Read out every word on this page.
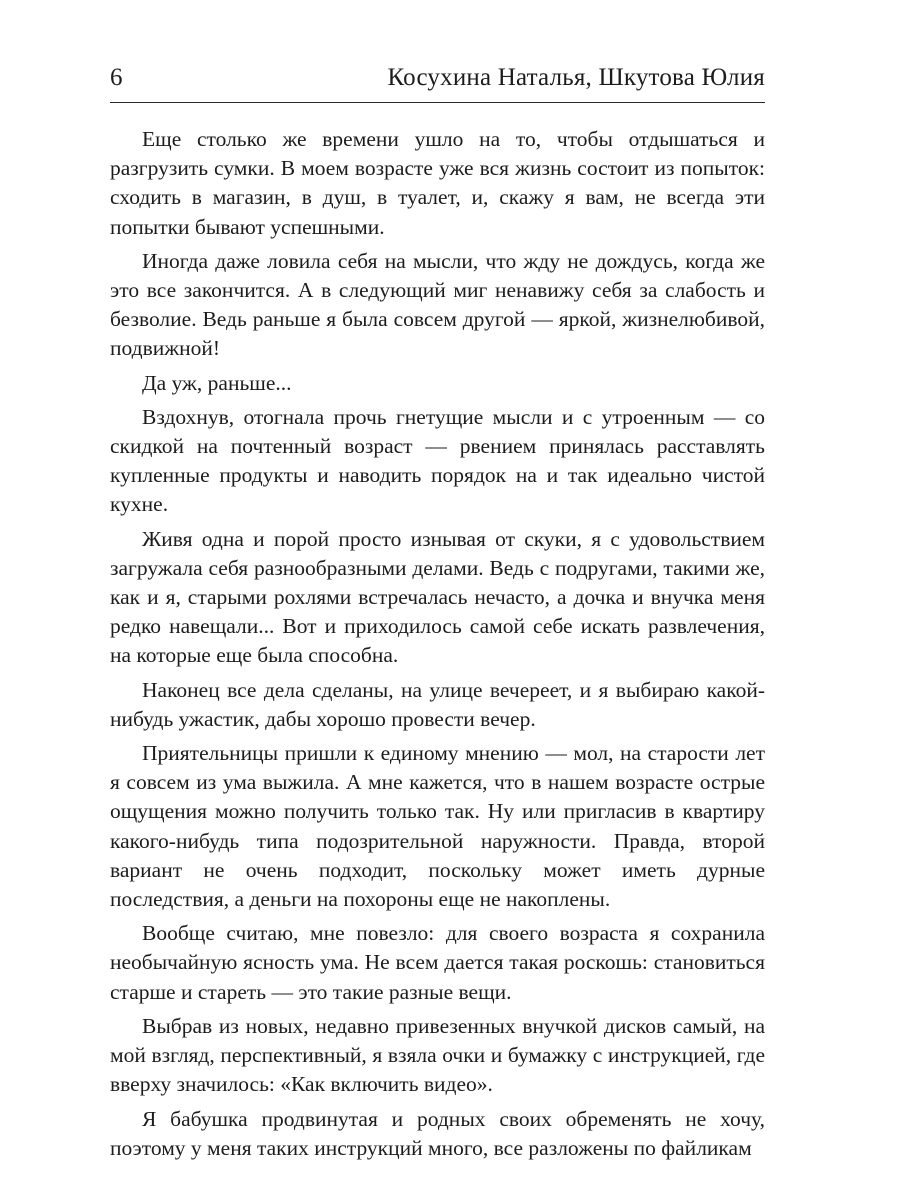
6	Косухина Наталья, Шкутова Юлия

Еще столько же времени ушло на то, чтобы отдышаться и разгрузить сумки. В моем возрасте уже вся жизнь состоит из попыток: сходить в магазин, в душ, в туалет, и, скажу я вам, не всегда эти попытки бывают успешными.

Иногда даже ловила себя на мысли, что жду не дождусь, когда же это все закончится. А в следующий миг ненавижу себя за слабость и безволие. Ведь раньше я была совсем другой — яркой, жизнелюбивой, подвижной!

Да уж, раньше...

Вздохнув, отогнала прочь гнетущие мысли и с утроенным — со скидкой на почтенный возраст — рвением принялась расставлять купленные продукты и наводить порядок на и так идеально чистой кухне.

Живя одна и порой просто изнывая от скуки, я с удовольствием загружала себя разнообразными делами. Ведь с подругами, такими же, как и я, старыми рохлями встречалась нечасто, а дочка и внучка меня редко навещали... Вот и приходилось самой себе искать развлечения, на которые еще была способна.

Наконец все дела сделаны, на улице вечереет, и я выбираю какой-нибудь ужастик, дабы хорошо провести вечер.

Приятельницы пришли к единому мнению — мол, на старости лет я совсем из ума выжила. А мне кажется, что в нашем возрасте острые ощущения можно получить только так. Ну или пригласив в квартиру какого-нибудь типа подозрительной наружности. Правда, второй вариант не очень подходит, поскольку может иметь дурные последствия, а деньги на похороны еще не накоплены.

Вообще считаю, мне повезло: для своего возраста я сохранила необычайную ясность ума. Не всем дается такая роскошь: становиться старше и стареть — это такие разные вещи.

Выбрав из новых, недавно привезенных внучкой дисков самый, на мой взгляд, перспективный, я взяла очки и бумажку с инструкцией, где вверху значилось: «Как включить видео».

Я бабушка продвинутая и родных своих обременять не хочу, поэтому у меня таких инструкций много, все разложены по файликам
